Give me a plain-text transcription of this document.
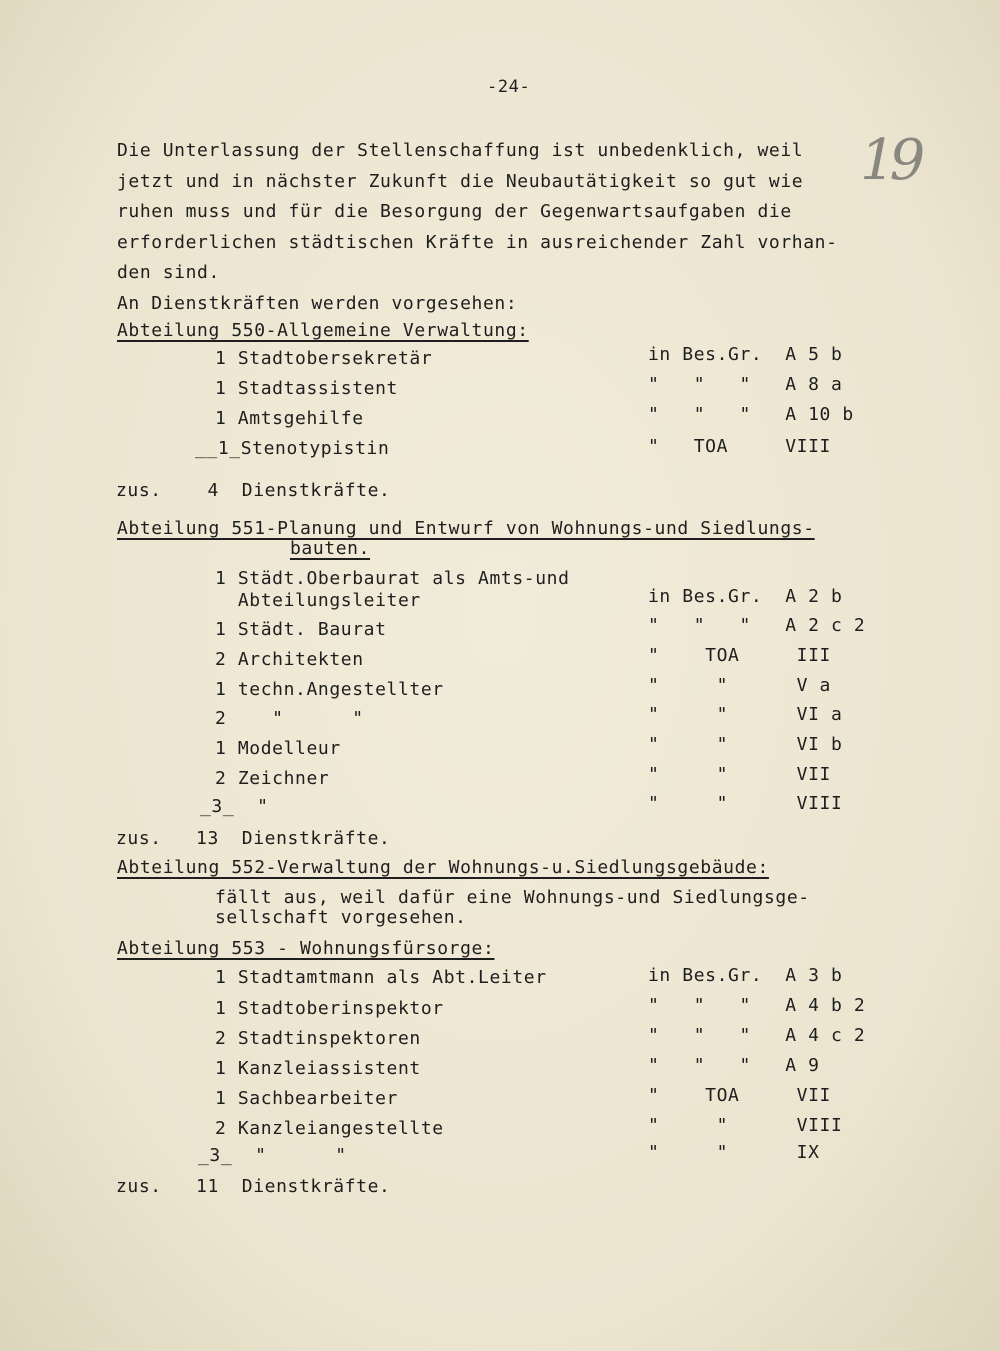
-24-
19
Die Unterlassung der Stellenschaffung ist unbedenklich, weil
jetzt und in nächster Zukunft die Neubautätigkeit so gut wie
ruhen muss und für die Besorgung der Gegenwartsaufgaben die
erforderlichen städtischen Kräfte in ausreichender Zahl vorhan-
den sind.
An Dienstkräften werden vorgesehen:
Abteilung 550-Allgemeine Verwaltung:
1 Stadtobersekretär	in Bes.Gr.  A 5 b
1 Stadtassistent	"   "   "   A 8 a
1 Amtsgehilfe	"   "   "   A 10 b
__1_Stenotypistin	"   TOA     VIII
zus.    4  Dienstkräfte.
Abteilung 551-Planung und Entwurf von Wohnungs-und Siedlungs-
bauten.
1 Städt.Oberbaurat als Amts-und
Abteilungsleiter	in Bes.Gr.  A 2 b
1 Städt. Baurat	"   "   "   A 2 c 2
2 Architekten	"    TOA     III
1 techn.Angestellter	"     "      V a
2    "      "	"     "      VI a
1 Modelleur	"     "      VI b
2 Zeichner	"     "      VII
_3_  "	"     "      VIII
zus.   13  Dienstkräfte.
Abteilung 552-Verwaltung der Wohnungs-u.Siedlungsgebäude:
fällt aus, weil dafür eine Wohnungs-und Siedlungsge-
sellschaft vorgesehen.
Abteilung 553 - Wohnungsfürsorge:
1 Stadtamtmann als Abt.Leiter	in Bes.Gr.  A 3 b
1 Stadtoberinspektor	"   "   "   A 4 b 2
2 Stadtinspektoren	"   "   "   A 4 c 2
1 Kanzleiassistent	"   "   "   A 9
1 Sachbearbeiter	"    TOA     VII
2 Kanzleiangestellte	"     "      VIII
_3_  "      "	"     "      IX
zus.   11  Dienstkräfte.
